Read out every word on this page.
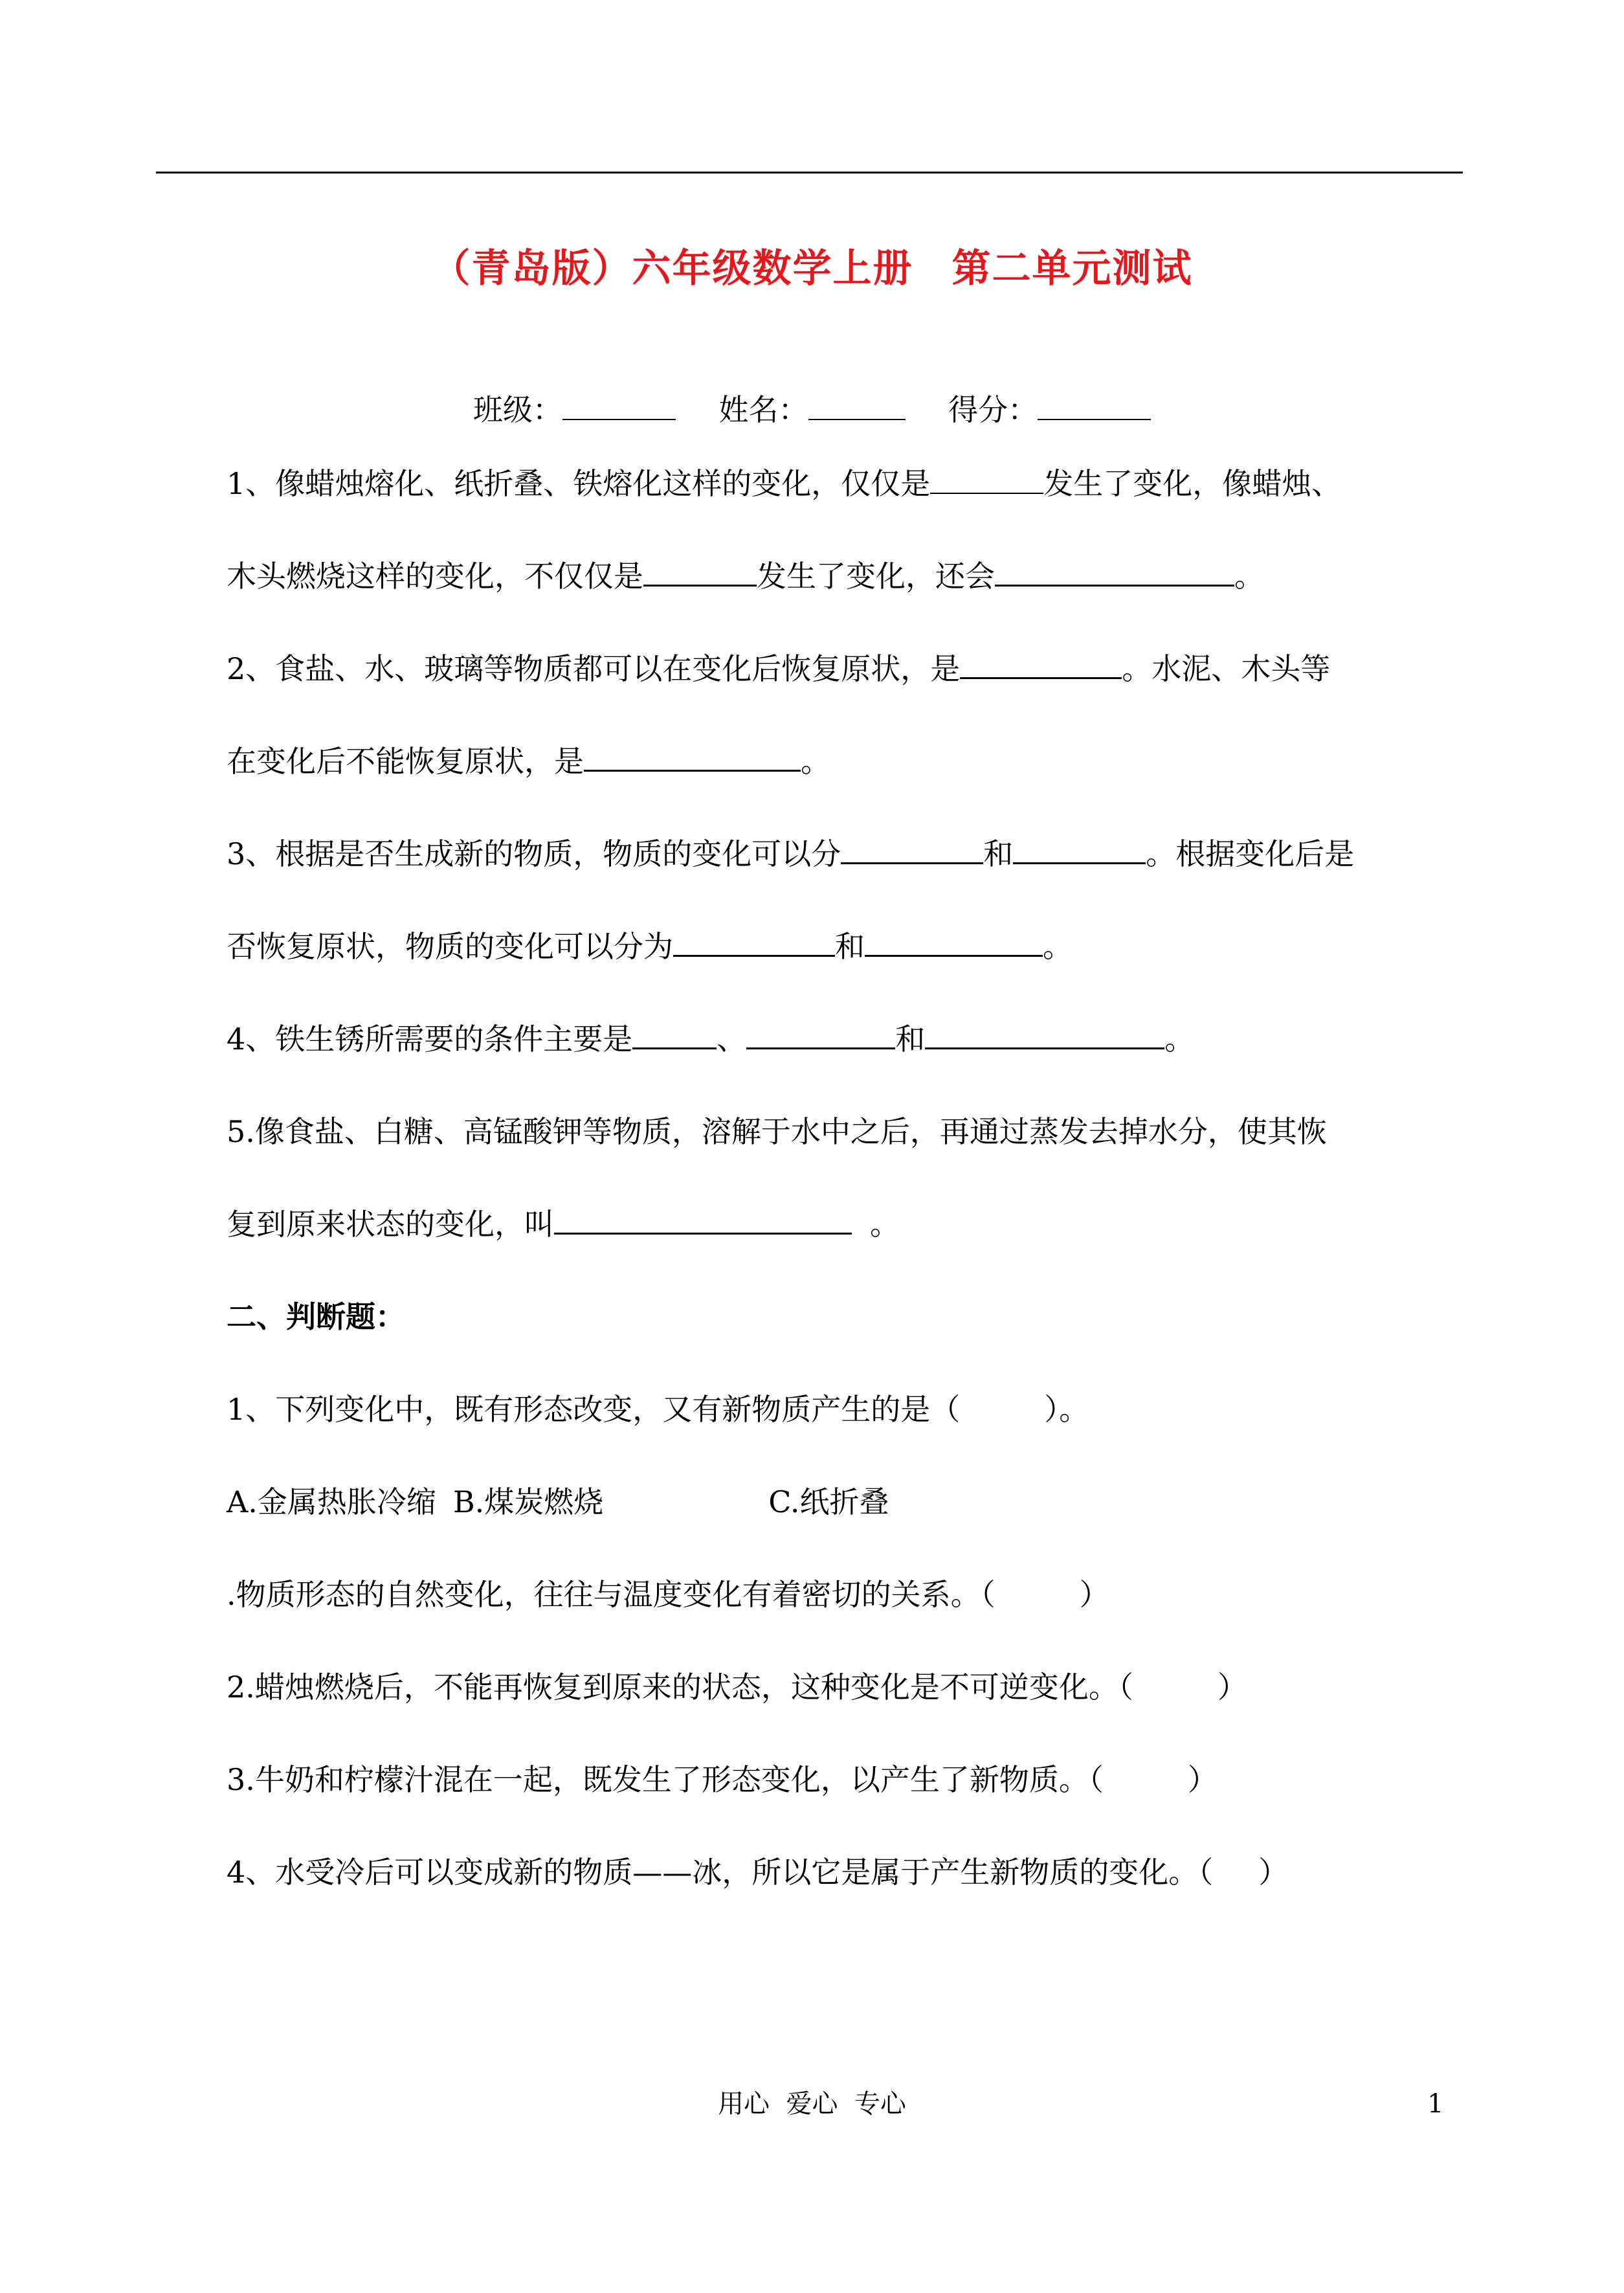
（青岛版）六年级数学上册 第二单元测试
班级：	姓名：	得分：
1、像蜡烛熔化、纸折叠、铁熔化这样的变化，仅仅是	发生了变化，像蜡烛、
木头燃烧这样的变化，不仅仅是	发生了变化，还会	。
2、食盐、水、玻璃等物质都可以在变化后恢复原状，是	。水泥、木头等
在变化后不能恢复原状，是	。
3、根据是否生成新的物质，物质的变化可以分	和	。根据变化后是
否恢复原状，物质的变化可以分为	和	。
4、铁生锈所需要的条件主要是	、	和	。
5.像食盐、白糖、高锰酸钾等物质，溶解于水中之后，再通过蒸发去掉水分，使其恢
复到原来状态的变化，叫	。
二、判断题：
1、下列变化中，既有形态改变，又有新物质产生的是（	）。
A.金属热胀冷缩 B.煤炭燃烧	C.纸折叠
.物质形态的自然变化，往往与温度变化有着密切的关系。（	）
2.蜡烛燃烧后，不能再恢复到原来的状态，这种变化是不可逆变化。（	）
3.牛奶和柠檬汁混在一起，既发生了形态变化，以产生了新物质。（	）
4、水受冷后可以变成新的物质——冰，所以它是属于产生新物质的变化。（ ）
用心  爱心  专心	1
